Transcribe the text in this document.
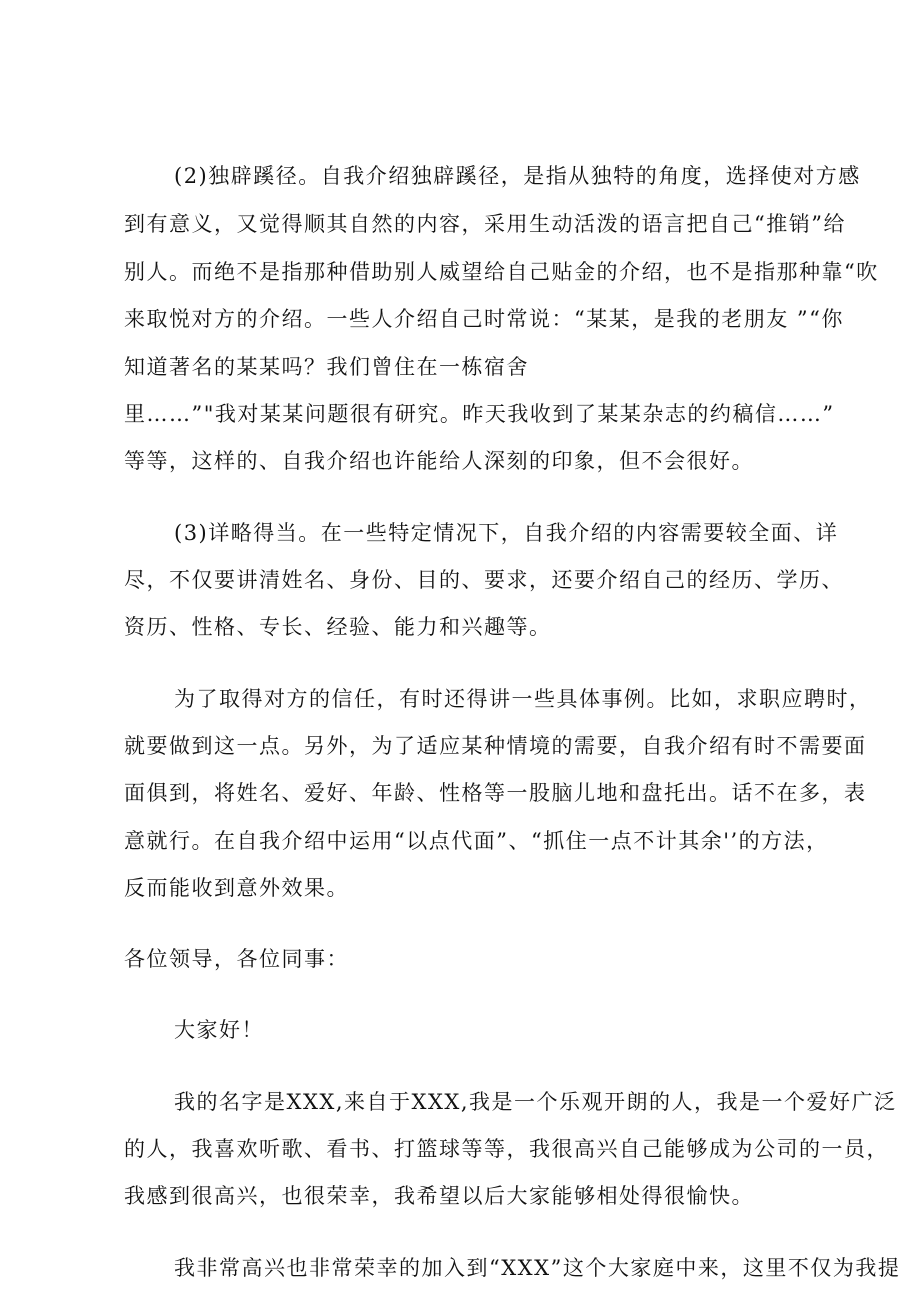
(2)独辟蹊径。自我介绍独辟蹊径，是指从独特的角度，选择使对方感
到有意义，又觉得顺其自然的内容，采用生动活泼的语言把自己“推销”给
别人。而绝不是指那种借助别人威望给自己贴金的介绍，也不是指那种靠“吹
来取悦对方的介绍。一些人介绍自己时常说：“某某，是我的老朋友 ”“你
知道著名的某某吗？我们曾住在一栋宿舍
里……”"我对某某问题很有研究。昨天我收到了某某杂志的约稿信……”
等等，这样的、自我介绍也许能给人深刻的印象，但不会很好。
(3)详略得当。在一些特定情况下，自我介绍的内容需要较全面、详
尽，不仅要讲清姓名、身份、目的、要求，还要介绍自己的经历、学历、
资历、性格、专长、经验、能力和兴趣等。
为了取得对方的信任，有时还得讲一些具体事例。比如，求职应聘时，
就要做到这一点。另外，为了适应某种情境的需要，自我介绍有时不需要面
面俱到，将姓名、爱好、年龄、性格等一股脑儿地和盘托出。话不在多，表
意就行。在自我介绍中运用“以点代面”、“抓住一点不计其余'’的方法，
反而能收到意外效果。
各位领导，各位同事：
大家好！
我的名字是XXX,来自于XXX,我是一个乐观开朗的人，我是一个爱好广泛
的人，我喜欢听歌、看书、打篮球等等，我很高兴自己能够成为公司的一员，
我感到很高兴，也很荣幸，我希望以后大家能够相处得很愉快。
我非常高兴也非常荣幸的加入到“XXX”这个大家庭中来，这里不仅为我提
